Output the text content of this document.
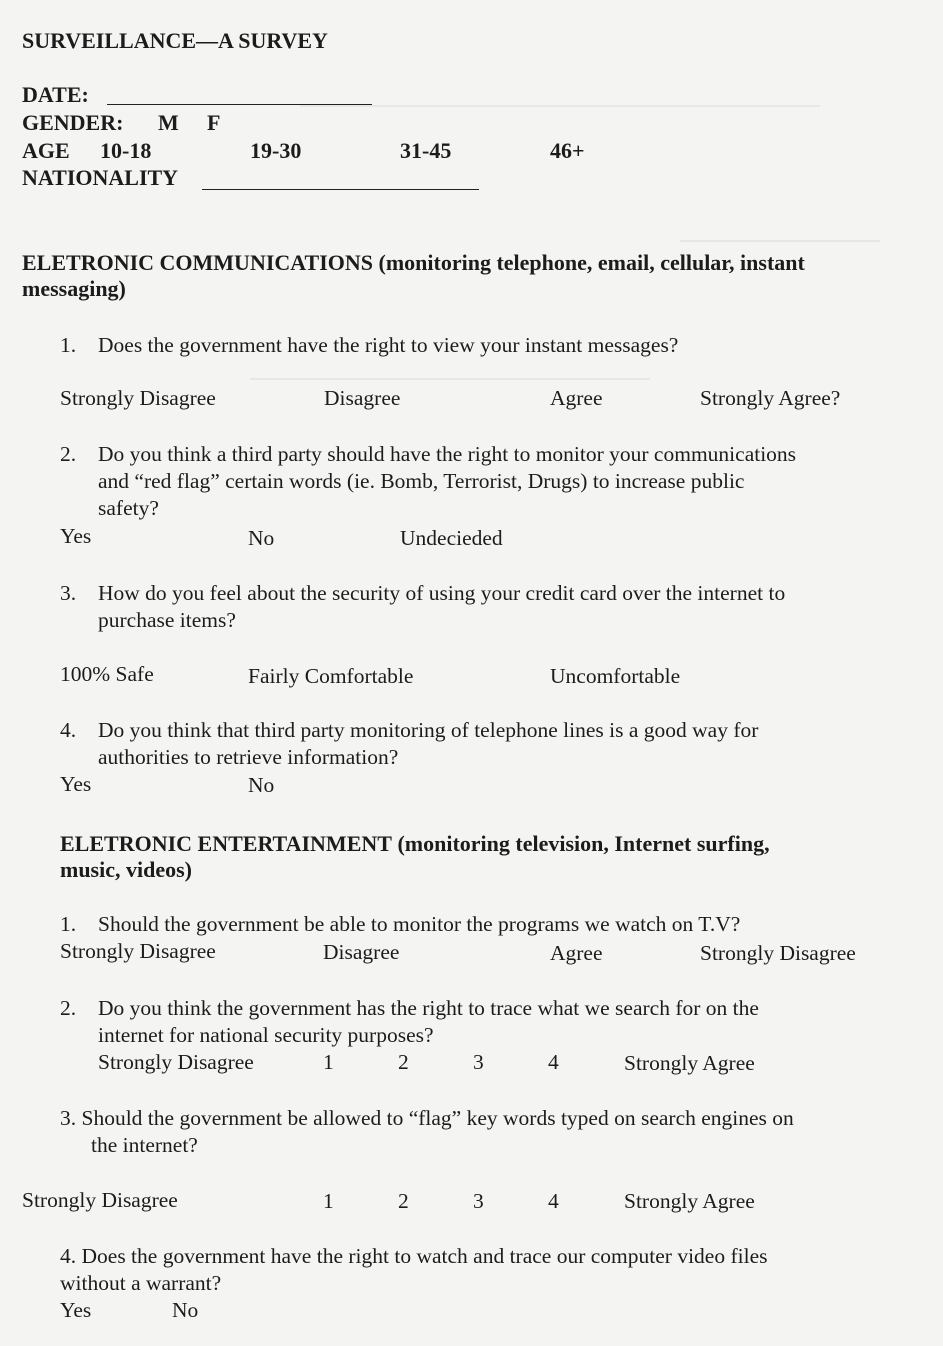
SURVEILLANCE—A SURVEY
DATE:
GENDER: M F
AGE 10-18	19-30	31-45	46+
NATIONALITY
ELETRONIC COMMUNICATIONS (monitoring telephone, email, cellular, instant
messaging)
1. Does the government have the right to view your instant messages?
Strongly Disagree	Disagree	Agree	Strongly Agree?
2. Do you think a third party should have the right to monitor your communications
and “red flag” certain words (ie. Bomb, Terrorist, Drugs) to increase public
safety?
Yes	No	Undecieded
3. How do you feel about the security of using your credit card over the internet to
purchase items?
100% Safe	Fairly Comfortable	Uncomfortable
4. Do you think that third party monitoring of telephone lines is a good way for
authorities to retrieve information?
Yes	No
ELETRONIC ENTERTAINMENT (monitoring television, Internet surfing,
music, videos)
1. Should the government be able to monitor the programs we watch on T.V?
Strongly Disagree	Disagree	Agree	Strongly Disagree
2. Do you think the government has the right to trace what we search for on the
internet for national security purposes?
Strongly Disagree	1	2	3	4	Strongly Agree
3. Should the government be allowed to “flag” key words typed on search engines on
the internet?
Strongly Disagree	1	2	3	4	Strongly Agree
4. Does the government have the right to watch and trace our computer video files
without a warrant?
Yes	No
